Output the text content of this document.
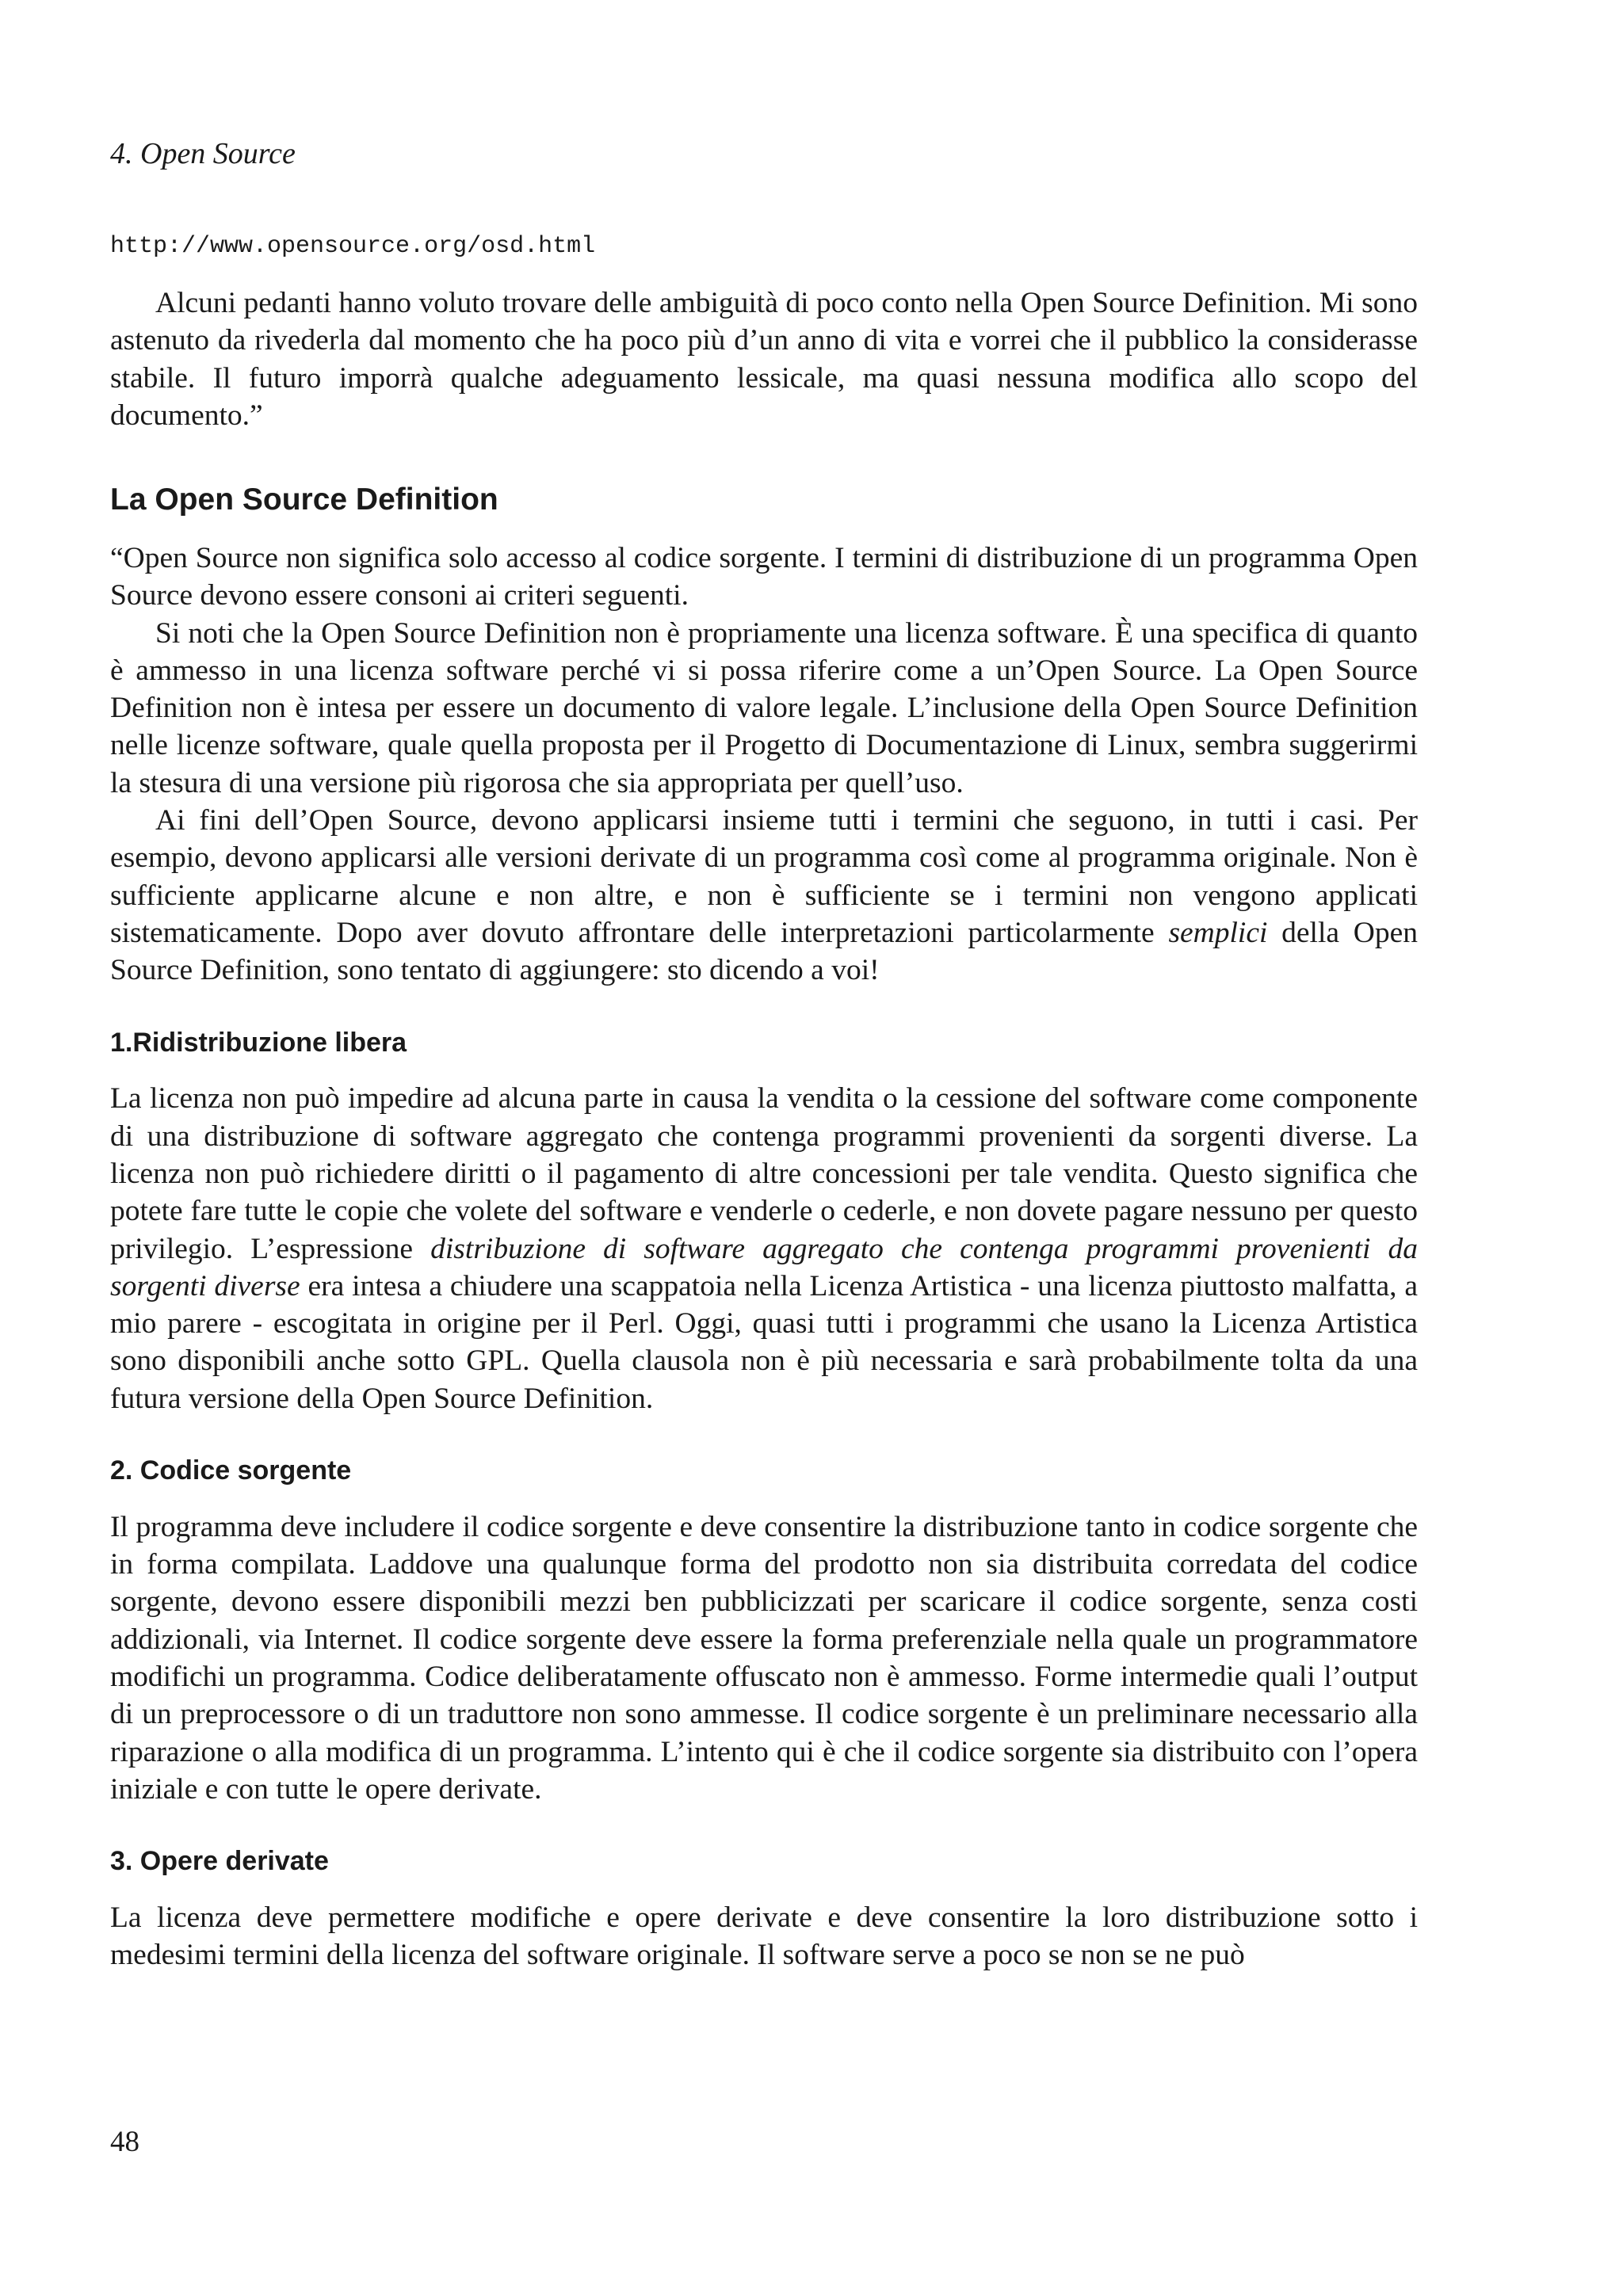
4. Open Source
http://www.opensource.org/osd.html

Alcuni pedanti hanno voluto trovare delle ambiguità di poco conto nella Open Source Definition. Mi sono astenuto da rivederla dal momento che ha poco più d’un anno di vita e vorrei che il pubblico la considerasse stabile. Il futuro imporrà qualche adeguamento lessicale, ma quasi nessuna modifica allo scopo del documento.”

La Open Source Definition

“Open Source non significa solo accesso al codice sorgente. I termini di distribuzione di un programma Open Source devono essere consoni ai criteri seguenti.

Si noti che la Open Source Definition non è propriamente una licenza software. È una specifica di quanto è ammesso in una licenza software perché vi si possa riferire come a un’Open Source. La Open Source Definition non è intesa per essere un documento di valore legale. L’inclusione della Open Source Definition nelle licenze software, quale quella proposta per il Progetto di Documentazione di Linux, sembra suggerirmi la stesura di una versione più rigorosa che sia appropriata per quell’uso.

Ai fini dell’Open Source, devono applicarsi insieme tutti i termini che seguono, in tutti i casi. Per esempio, devono applicarsi alle versioni derivate di un programma così come al programma originale. Non è sufficiente applicarne alcune e non altre, e non è sufficiente se i termini non vengono applicati sistematicamente. Dopo aver dovuto affrontare delle interpretazioni particolarmente semplici della Open Source Definition, sono tentato di aggiungere: sto dicendo a voi!

1.Ridistribuzione libera

La licenza non può impedire ad alcuna parte in causa la vendita o la cessione del software come componente di una distribuzione di software aggregato che contenga programmi provenienti da sorgenti diverse. La licenza non può richiedere diritti o il pagamento di altre concessioni per tale vendita. Questo significa che potete fare tutte le copie che volete del software e venderle o cederle, e non dovete pagare nessuno per questo privilegio. L’espressione distribuzione di software aggregato che contenga programmi provenienti da sorgenti diverse era intesa a chiudere una scappatoia nella Licenza Artistica - una licenza piuttosto malfatta, a mio parere - escogitata in origine per il Perl. Oggi, quasi tutti i programmi che usano la Licenza Artistica sono disponibili anche sotto GPL. Quella clausola non è più necessaria e sarà probabilmente tolta da una futura versione della Open Source Definition.

2. Codice sorgente

Il programma deve includere il codice sorgente e deve consentire la distribuzione tanto in codice sorgente che in forma compilata. Laddove una qualunque forma del prodotto non sia distribuita corredata del codice sorgente, devono essere disponibili mezzi ben pubblicizzati per scaricare il codice sorgente, senza costi addizionali, via Internet. Il codice sorgente deve essere la forma preferenziale nella quale un programmatore modifichi un programma. Codice deliberatamente offuscato non è ammesso. Forme intermedie quali l’output di un preprocessore o di un traduttore non sono ammesse. Il codice sorgente è un preliminare necessario alla riparazione o alla modifica di un programma. L’intento qui è che il codice sorgente sia distribuito con l’opera iniziale e con tutte le opere derivate.

3. Opere derivate

La licenza deve permettere modifiche e opere derivate e deve consentire la loro distribuzione sotto i medesimi termini della licenza del software originale. Il software serve a poco se non se ne può

48
